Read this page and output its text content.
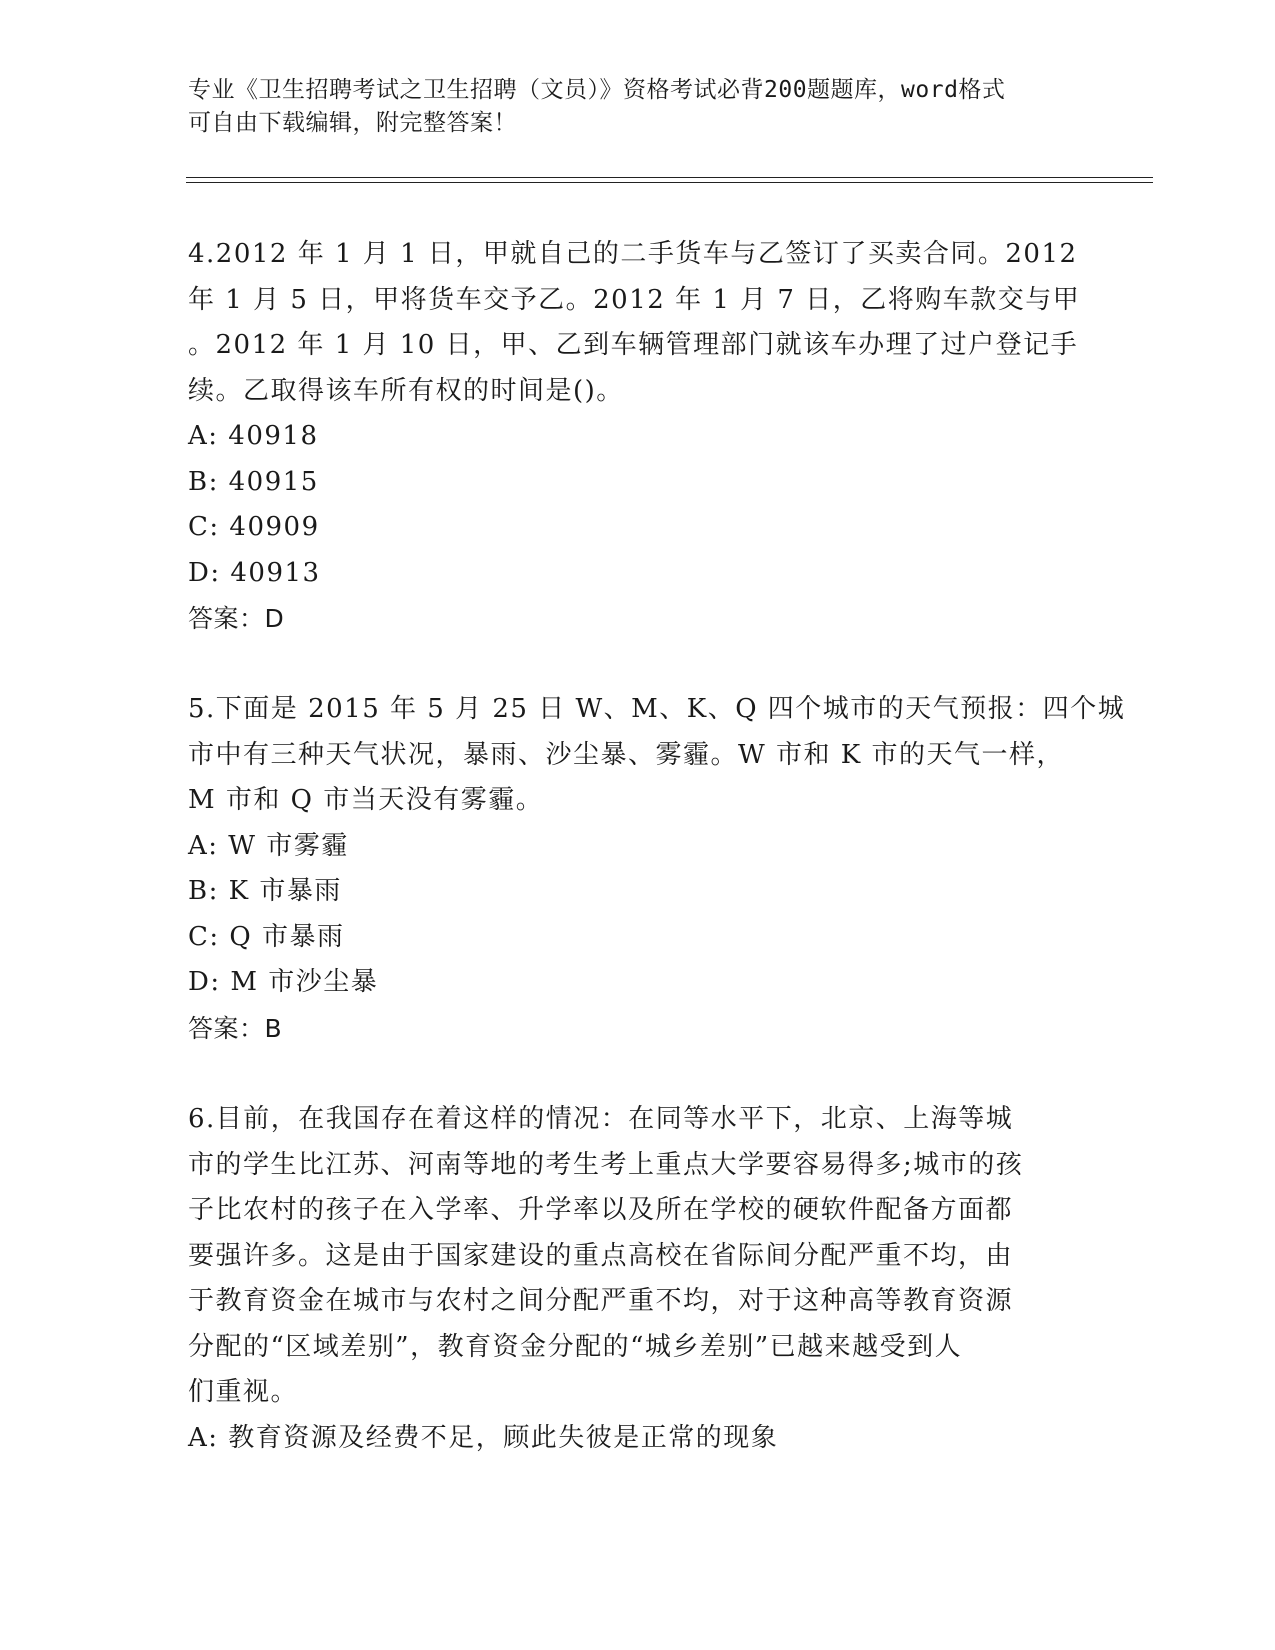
专业《卫生招聘考试之卫生招聘（文员）》资格考试必背200题题库，word格式

可自由下载编辑，附完整答案！

4.2012 年 1 月 1 日，甲就自己的二手货车与乙签订了买卖合同。2012

年 1 月 5 日，甲将货车交予乙。2012 年 1 月 7 日，乙将购车款交与甲

。2012 年 1 月 10 日，甲、乙到车辆管理部门就该车办理了过户登记手

续。乙取得该车所有权的时间是()。

A: 40918

B: 40915

C: 40909

D: 40913

答案：D

5.下面是 2015 年 5 月 25 日 W、M、K、Q 四个城市的天气预报：四个城

市中有三种天气状况，暴雨、沙尘暴、雾霾。W 市和 K 市的天气一样，

M 市和 Q 市当天没有雾霾。

A: W 市雾霾

B: K 市暴雨

C: Q 市暴雨

D: M 市沙尘暴

答案：B

6.目前，在我国存在着这样的情况：在同等水平下，北京、上海等城

市的学生比江苏、河南等地的考生考上重点大学要容易得多;城市的孩

子比农村的孩子在入学率、升学率以及所在学校的硬软件配备方面都

要强许多。这是由于国家建设的重点高校在省际间分配严重不均，由

于教育资金在城市与农村之间分配严重不均，对于这种高等教育资源

分配的“区域差别”，教育资金分配的“城乡差别”已越来越受到人

们重视。

A: 教育资源及经费不足，顾此失彼是正常的现象
